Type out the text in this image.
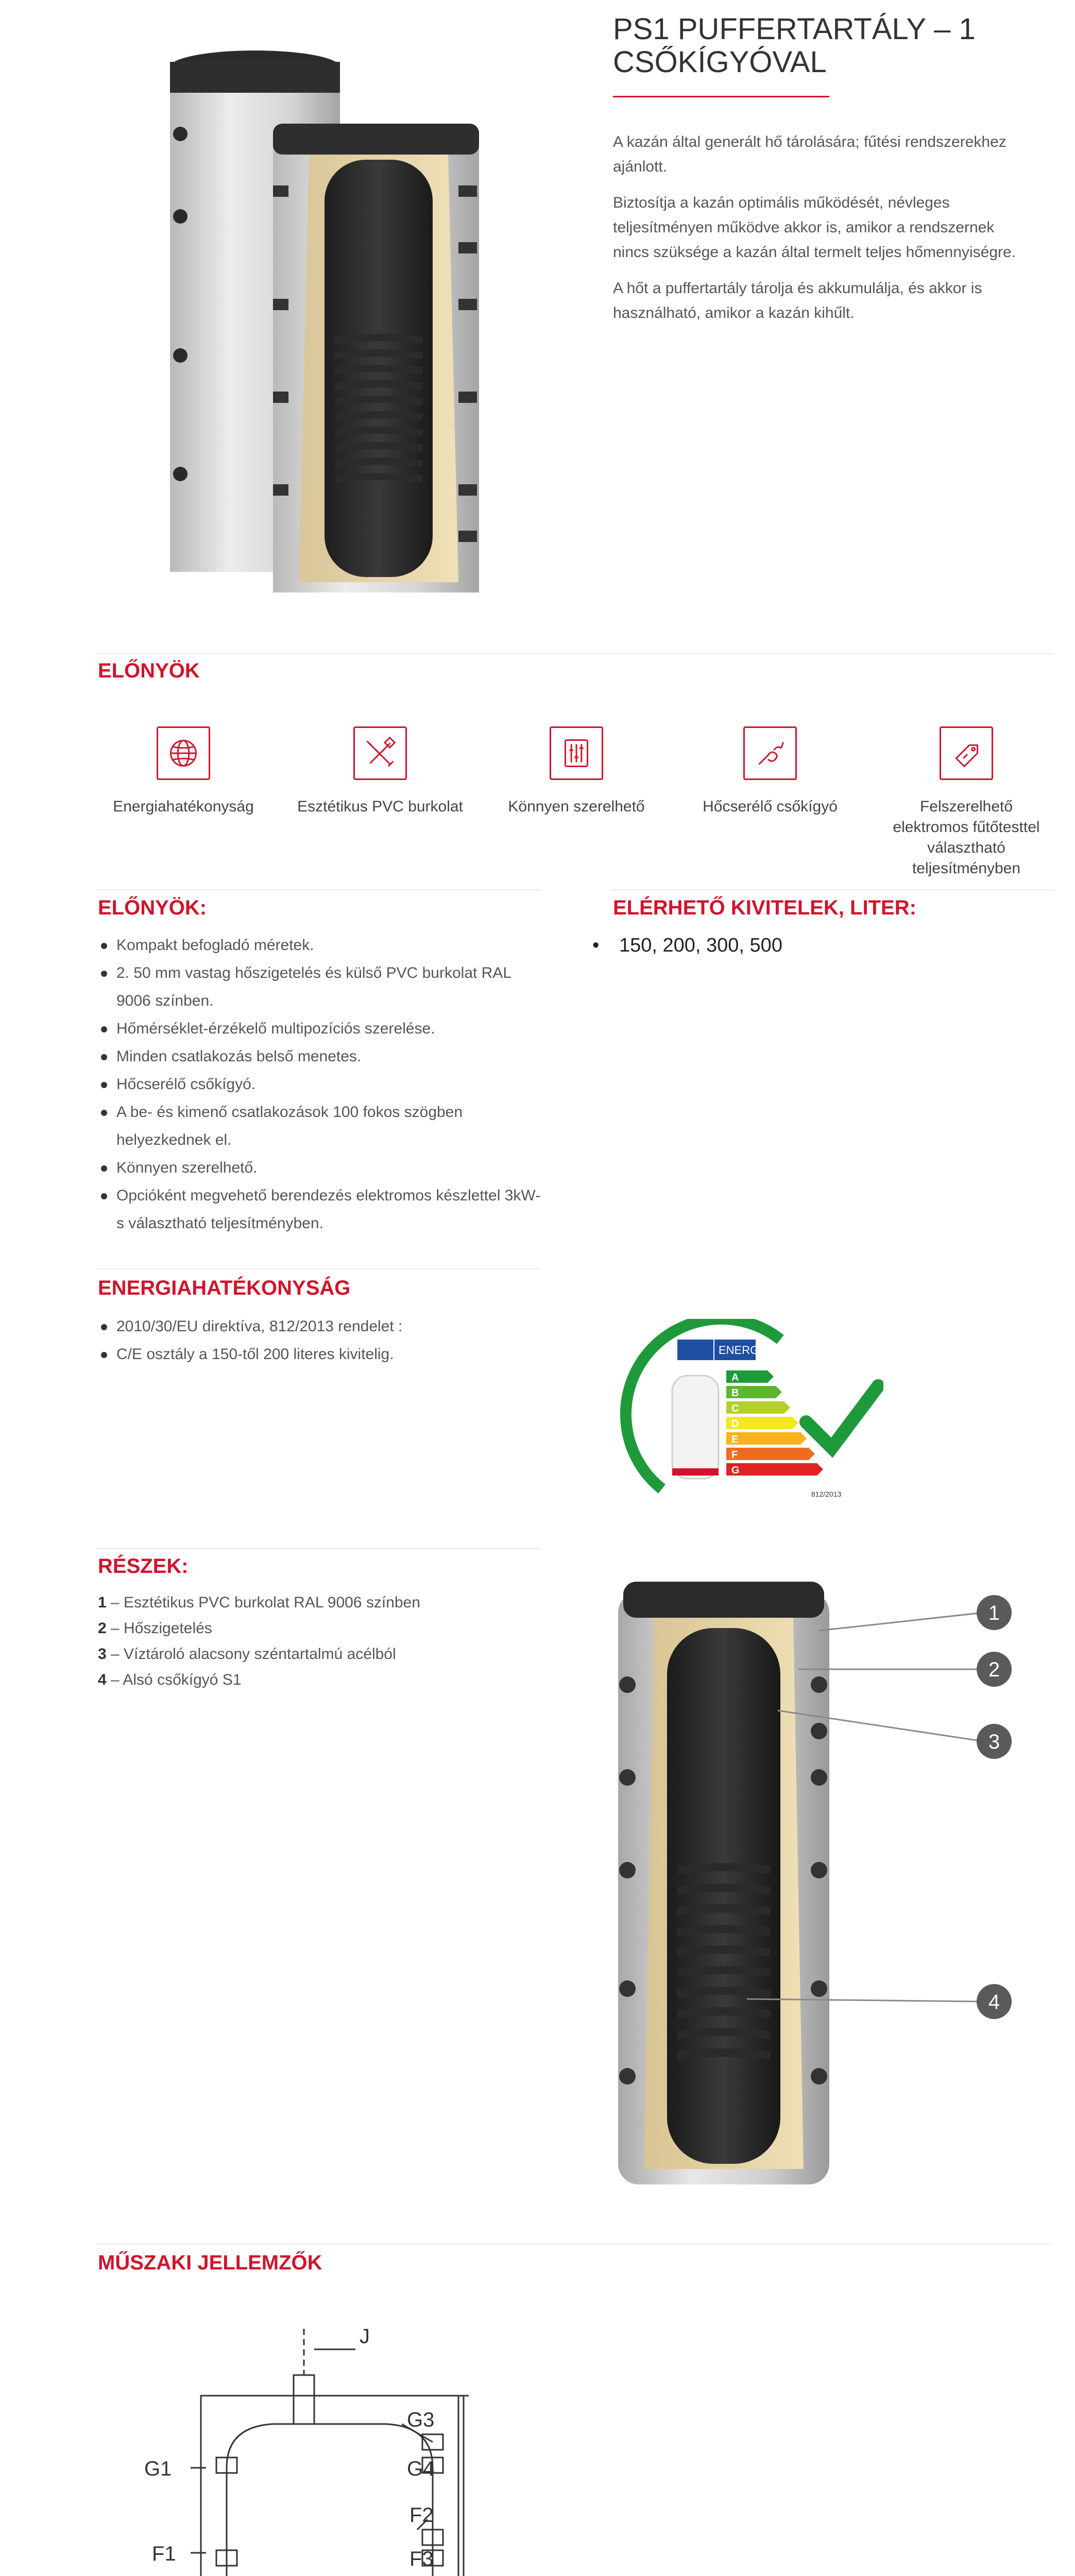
PS1 PUFFERTARTÁLY – 1
CSŐKÍGYÓVAL

A kazán által generált hő tárolására; fűtési rendszerekhez ajánlott.

Biztosítja a kazán optimális működését, névleges teljesítményen működve akkor is, amikor a rendszernek nincs szüksége a kazán által termelt teljes hőmennyiségre.

A hőt a puffertartály tárolja és akkumulálja, és akkor is használható, amikor a kazán kihűlt.

ELŐNYÖK
Energiahatékonyság	Esztétikus PVC burkolat	Könnyen szerelhető	Hőcserélő csőkígyó	Felszerelhető elektromos fűtőtesttel választható teljesítményben
ELŐNYÖK:
Kompakt befogladó méretek.
2. 50 mm vastag hőszigetelés és külső PVC burkolat RAL 9006 színben.
Hőmérséklet-érzékelő multipozíciós szerelése.
Minden csatlakozás belső menetes.
Hőcserélő csőkígyó.
A be- és kimenő csatlakozások 100 fokos szögben helyezkednek el.
Könnyen szerelhető.
Opcióként megvehető berendezés elektromos készlettel 3kW-s választható teljesítményben.
ELÉRHETŐ KIVITELEK, LITER:
• 150, 200, 300, 500
ENERGIAHATÉKONYSÁG
2010/30/EU direktíva, 812/2013 rendelet :
C/E osztály a 150-től 200 literes kivitelig.	ENERG
A
B
C
D
E
F
G
812/2013
RÉSZEK:
1 – Esztétikus PVC burkolat RAL 9006 színben
2 – Hőszigetelés
3 – Víztároló alacsony széntartalmú acélból
4 – Alsó csőkígyó S1
1
2
3
4
MŰSZAKI JELLEMZŐK
J
G3
G1	G4
F2
F1	F3
